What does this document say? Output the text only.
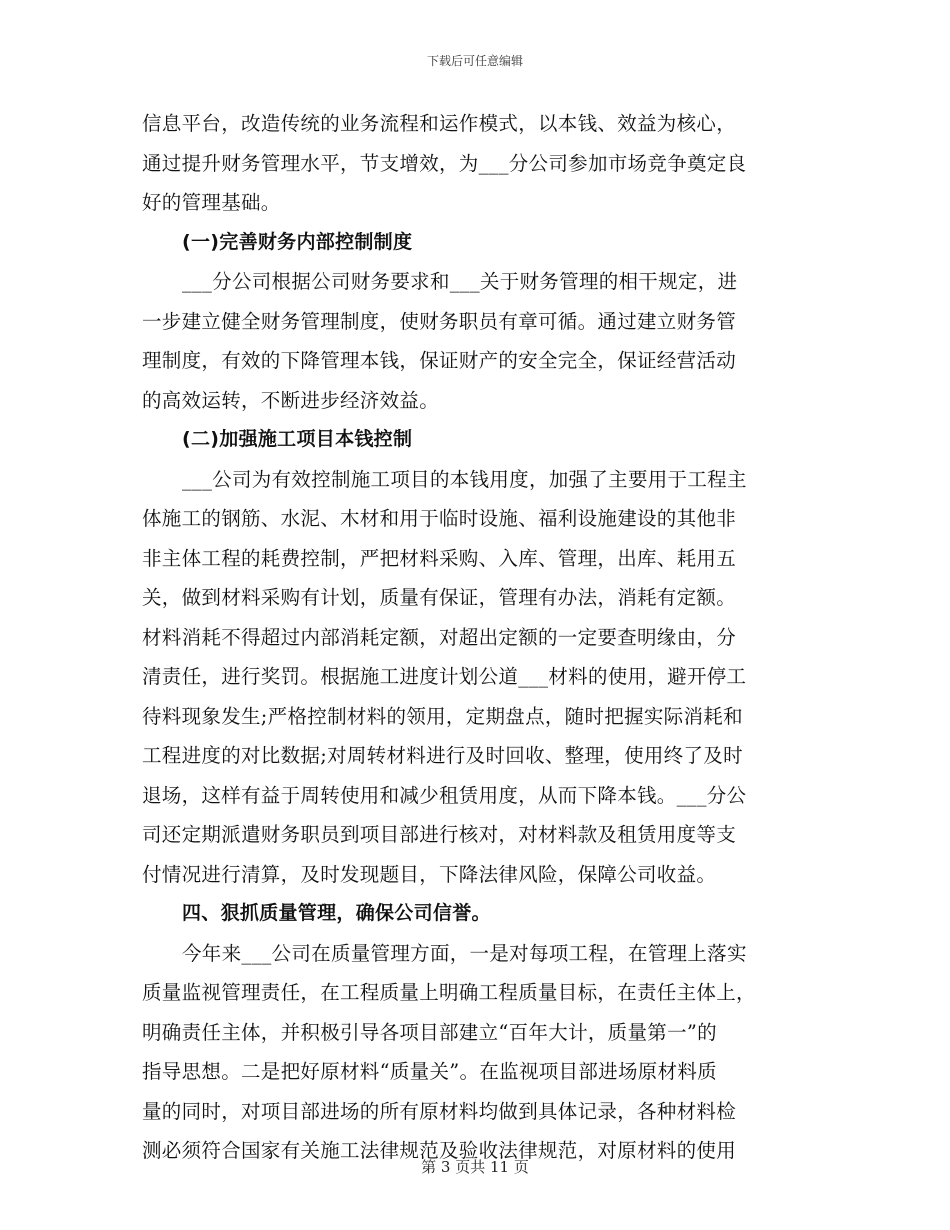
下载后可任意编辑
信息平台，改造传统的业务流程和运作模式，以本钱、效益为核心，
通过提升财务管理水平，节支增效，为___分公司参加市场竞争奠定良
好的管理基础。
(一)完善财务内部控制制度
___分公司根据公司财务要求和___关于财务管理的相干规定，进
一步建立健全财务管理制度，使财务职员有章可循。通过建立财务管
理制度，有效的下降管理本钱，保证财产的安全完全，保证经营活动
的高效运转，不断进步经济效益。
(二)加强施工项目本钱控制
___公司为有效控制施工项目的本钱用度，加强了主要用于工程主
体施工的钢筋、水泥、木材和用于临时设施、福利设施建设的其他非
非主体工程的耗费控制，严把材料采购、入库、管理，出库、耗用五
关，做到材料采购有计划，质量有保证，管理有办法，消耗有定额。
材料消耗不得超过内部消耗定额，对超出定额的一定要查明缘由，分
清责任，进行奖罚。根据施工进度计划公道___材料的使用，避开停工
待料现象发生;严格控制材料的领用，定期盘点，随时把握实际消耗和
工程进度的对比数据;对周转材料进行及时回收、整理，使用终了及时
退场，这样有益于周转使用和减少租赁用度，从而下降本钱。___分公
司还定期派遣财务职员到项目部进行核对，对材料款及租赁用度等支
付情况进行清算，及时发现题目，下降法律风险，保障公司收益。
四、狠抓质量管理，确保公司信誉。
今年来___公司在质量管理方面，一是对每项工程，在管理上落实
质量监视管理责任，在工程质量上明确工程质量目标，在责任主体上，
明确责任主体，并积极引导各项目部建立“百年大计，质量第一”的
指导思想。二是把好原材料“质量关”。在监视项目部进场原材料质
量的同时，对项目部进场的所有原材料均做到具体记录，各种材料检
测必须符合国家有关施工法律规范及验收法律规范，对原材料的使用
第 3 页共 11 页
